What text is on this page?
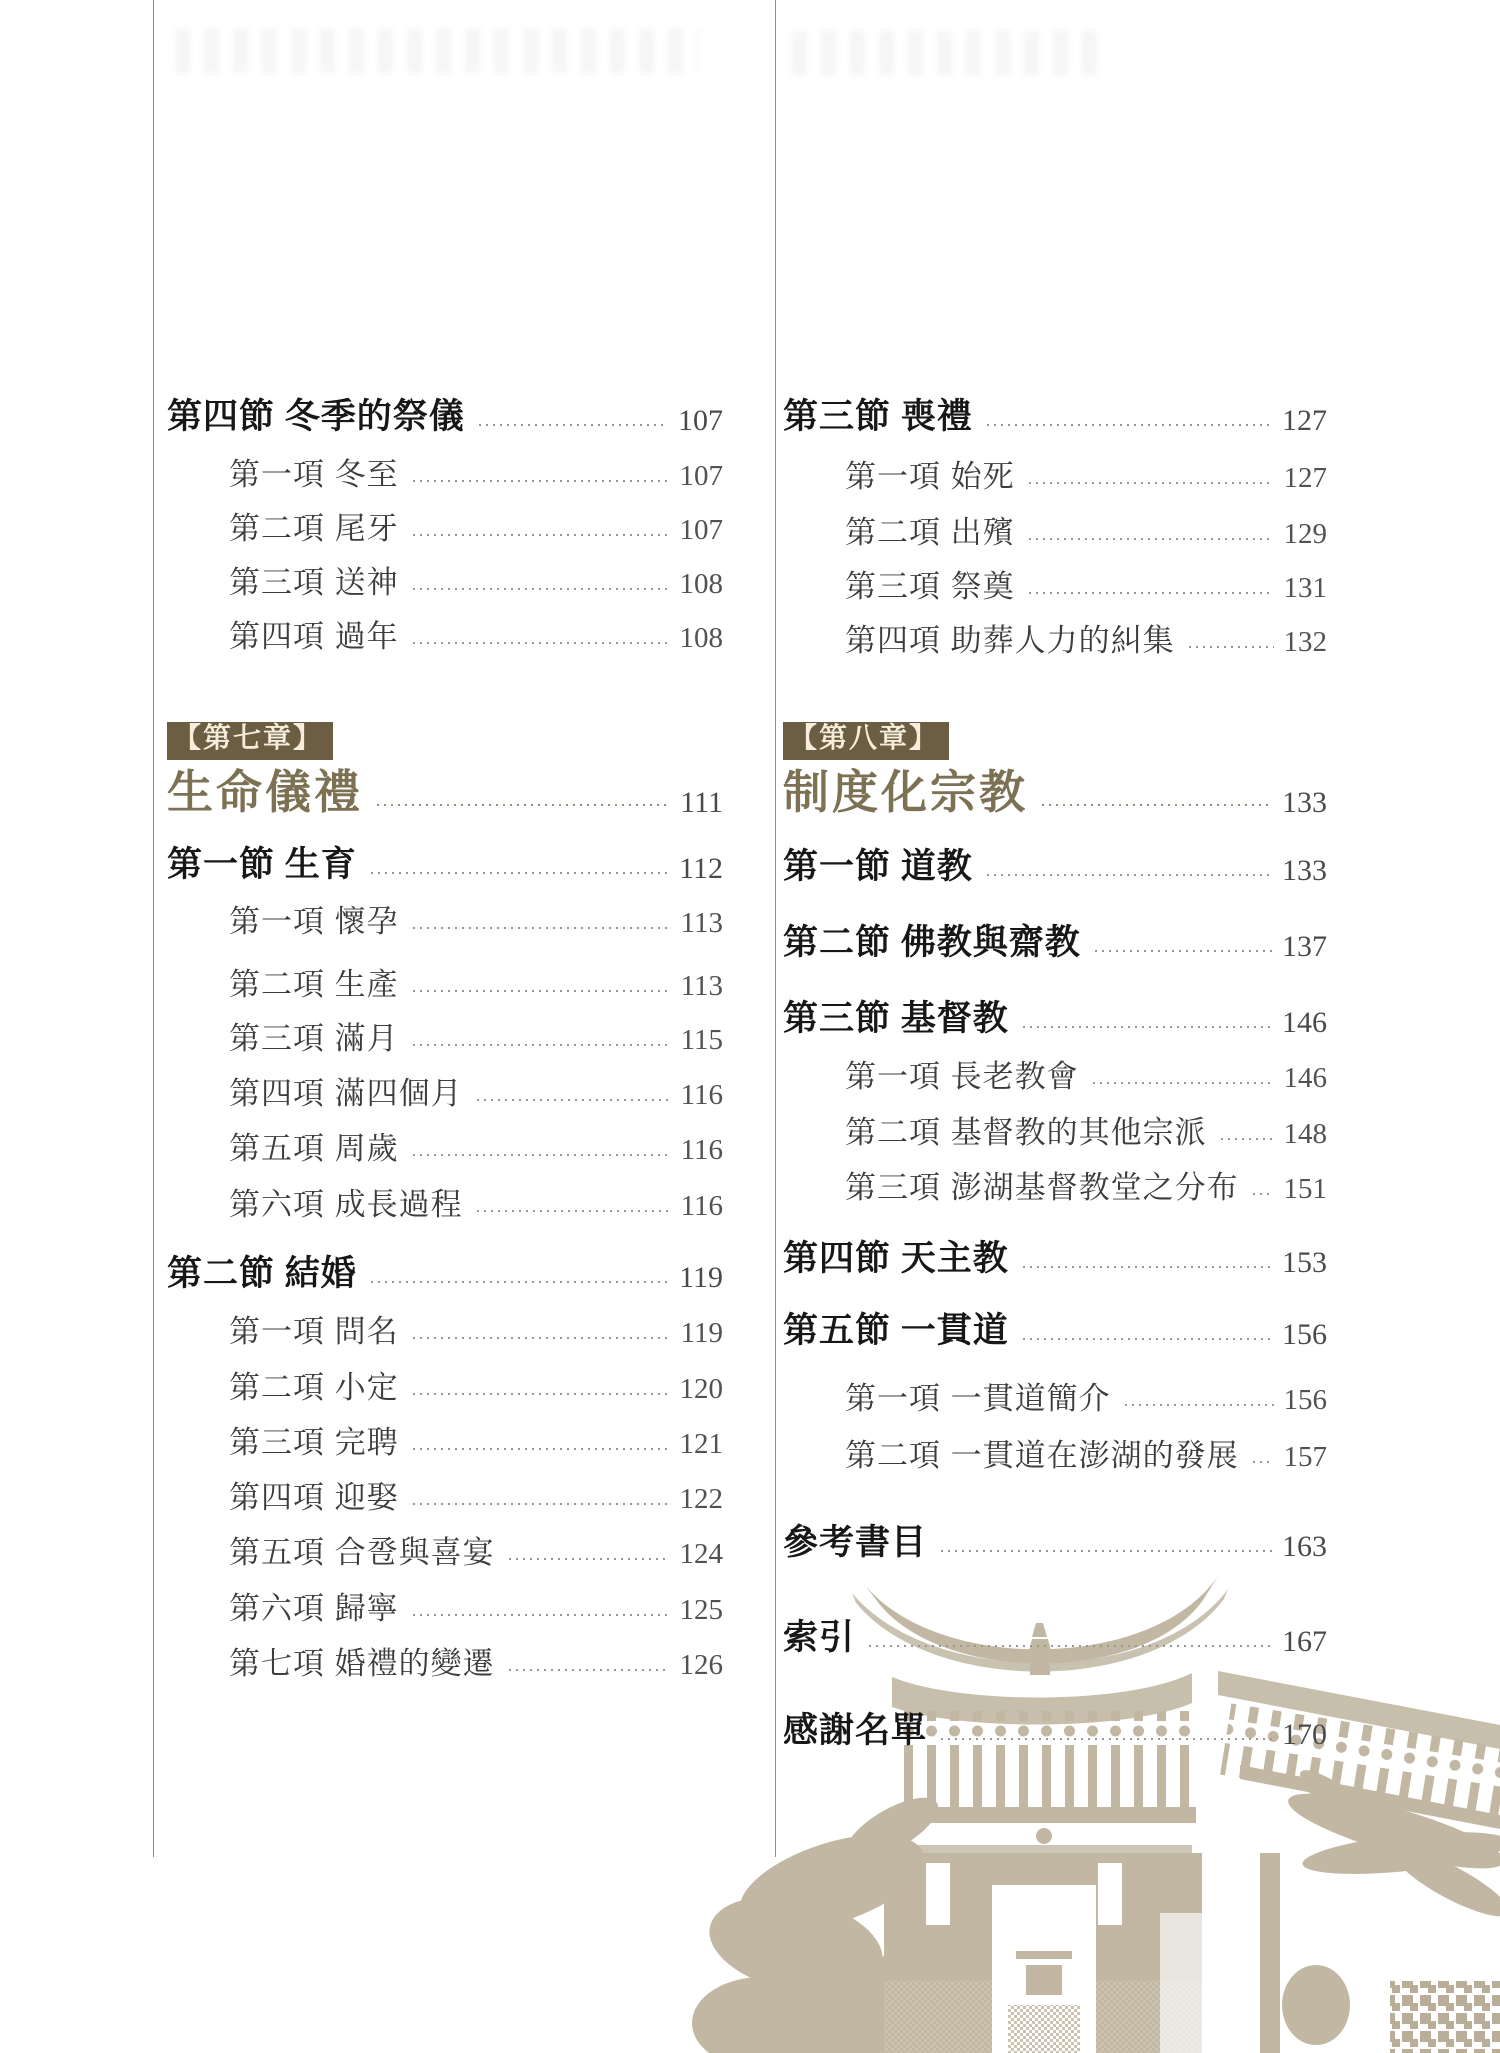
第四節 冬季的祭儀	107
第一項 冬至	107
第二項 尾牙	107
第三項 送神	108
第四項 過年	108
【第七章】
生命儀禮	111
第一節 生育	112
第一項 懷孕	113
第二項 生產	113
第三項 滿月	115
第四項 滿四個月	116
第五項 周歲	116
第六項 成長過程	116
第二節 結婚	119
第一項 問名	119
第二項 小定	120
第三項 完聘	121
第四項 迎娶	122
第五項 合卺與喜宴	124
第六項 歸寧	125
第七項 婚禮的變遷	126
第三節 喪禮	127
第一項 始死	127
第二項 出殯	129
第三項 祭奠	131
第四項 助葬人力的糾集	132
【第八章】
制度化宗教	133
第一節 道教	133
第二節 佛教與齋教	137
第三節 基督教	146
第一項 長老教會	146
第二項 基督教的其他宗派	148
第三項 澎湖基督教堂之分布 151
第四節 天主教	153
第五節 一貫道	156
第一項 一貫道簡介	156
第二項 一貫道在澎湖的發展 157
參考書目	163
索引	167
感謝名單	170
